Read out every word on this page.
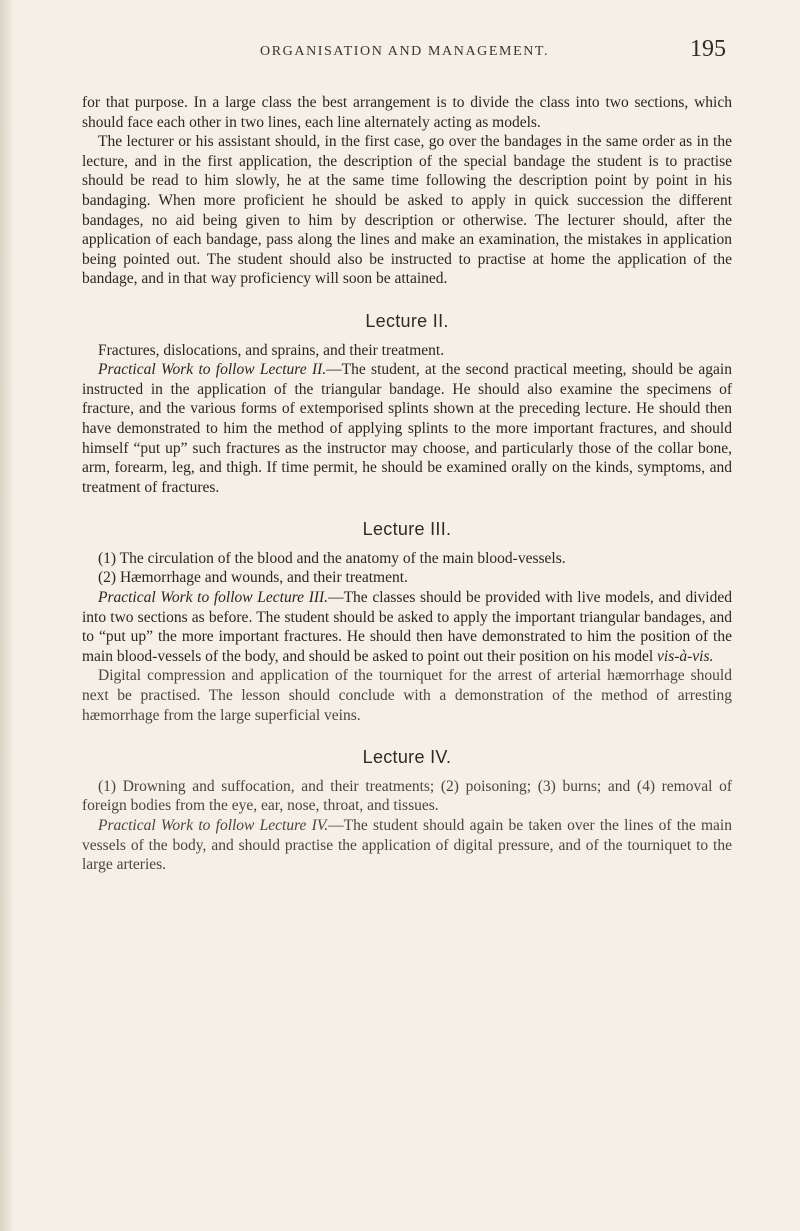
ORGANISATION AND MANAGEMENT.	195

for that purpose. In a large class the best arrangement is to divide the class into two sections, which should face each other in two lines, each line alternately acting as models.

The lecturer or his assistant should, in the first case, go over the bandages in the same order as in the lecture, and in the first application, the description of the special bandage the student is to practise should be read to him slowly, he at the same time following the description point by point in his bandaging. When more proficient he should be asked to apply in quick succession the different bandages, no aid being given to him by description or otherwise. The lecturer should, after the application of each bandage, pass along the lines and make an examination, the mistakes in application being pointed out. The student should also be instructed to practise at home the application of the bandage, and in that way proficiency will soon be attained.

Lecture II.

Fractures, dislocations, and sprains, and their treatment.

Practical Work to follow Lecture II.—The student, at the second practical meeting, should be again instructed in the application of the triangular bandage. He should also examine the specimens of fracture, and the various forms of extemporised splints shown at the preceding lecture. He should then have demonstrated to him the method of applying splints to the more important fractures, and should himself “put up” such fractures as the instructor may choose, and particularly those of the collar bone, arm, forearm, leg, and thigh. If time permit, he should be examined orally on the kinds, symptoms, and treatment of fractures.

Lecture III.

(1) The circulation of the blood and the anatomy of the main blood-vessels.

(2) Hæmorrhage and wounds, and their treatment.

Practical Work to follow Lecture III.—The classes should be provided with live models, and divided into two sections as before. The student should be asked to apply the important triangular bandages, and to “put up” the more important fractures. He should then have demonstrated to him the position of the main blood-vessels of the body, and should be asked to point out their position on his model vis-à-vis.

Digital compression and application of the tourniquet for the arrest of arterial hæmorrhage should next be practised. The lesson should conclude with a demonstration of the method of arresting hæmorrhage from the large superficial veins.

Lecture IV.

(1) Drowning and suffocation, and their treatments; (2) poisoning; (3) burns; and (4) removal of foreign bodies from the eye, ear, nose, throat, and tissues.

Practical Work to follow Lecture IV.—The student should again be taken over the lines of the main vessels of the body, and should practise the application of digital pressure, and of the tourniquet to the large arteries.
